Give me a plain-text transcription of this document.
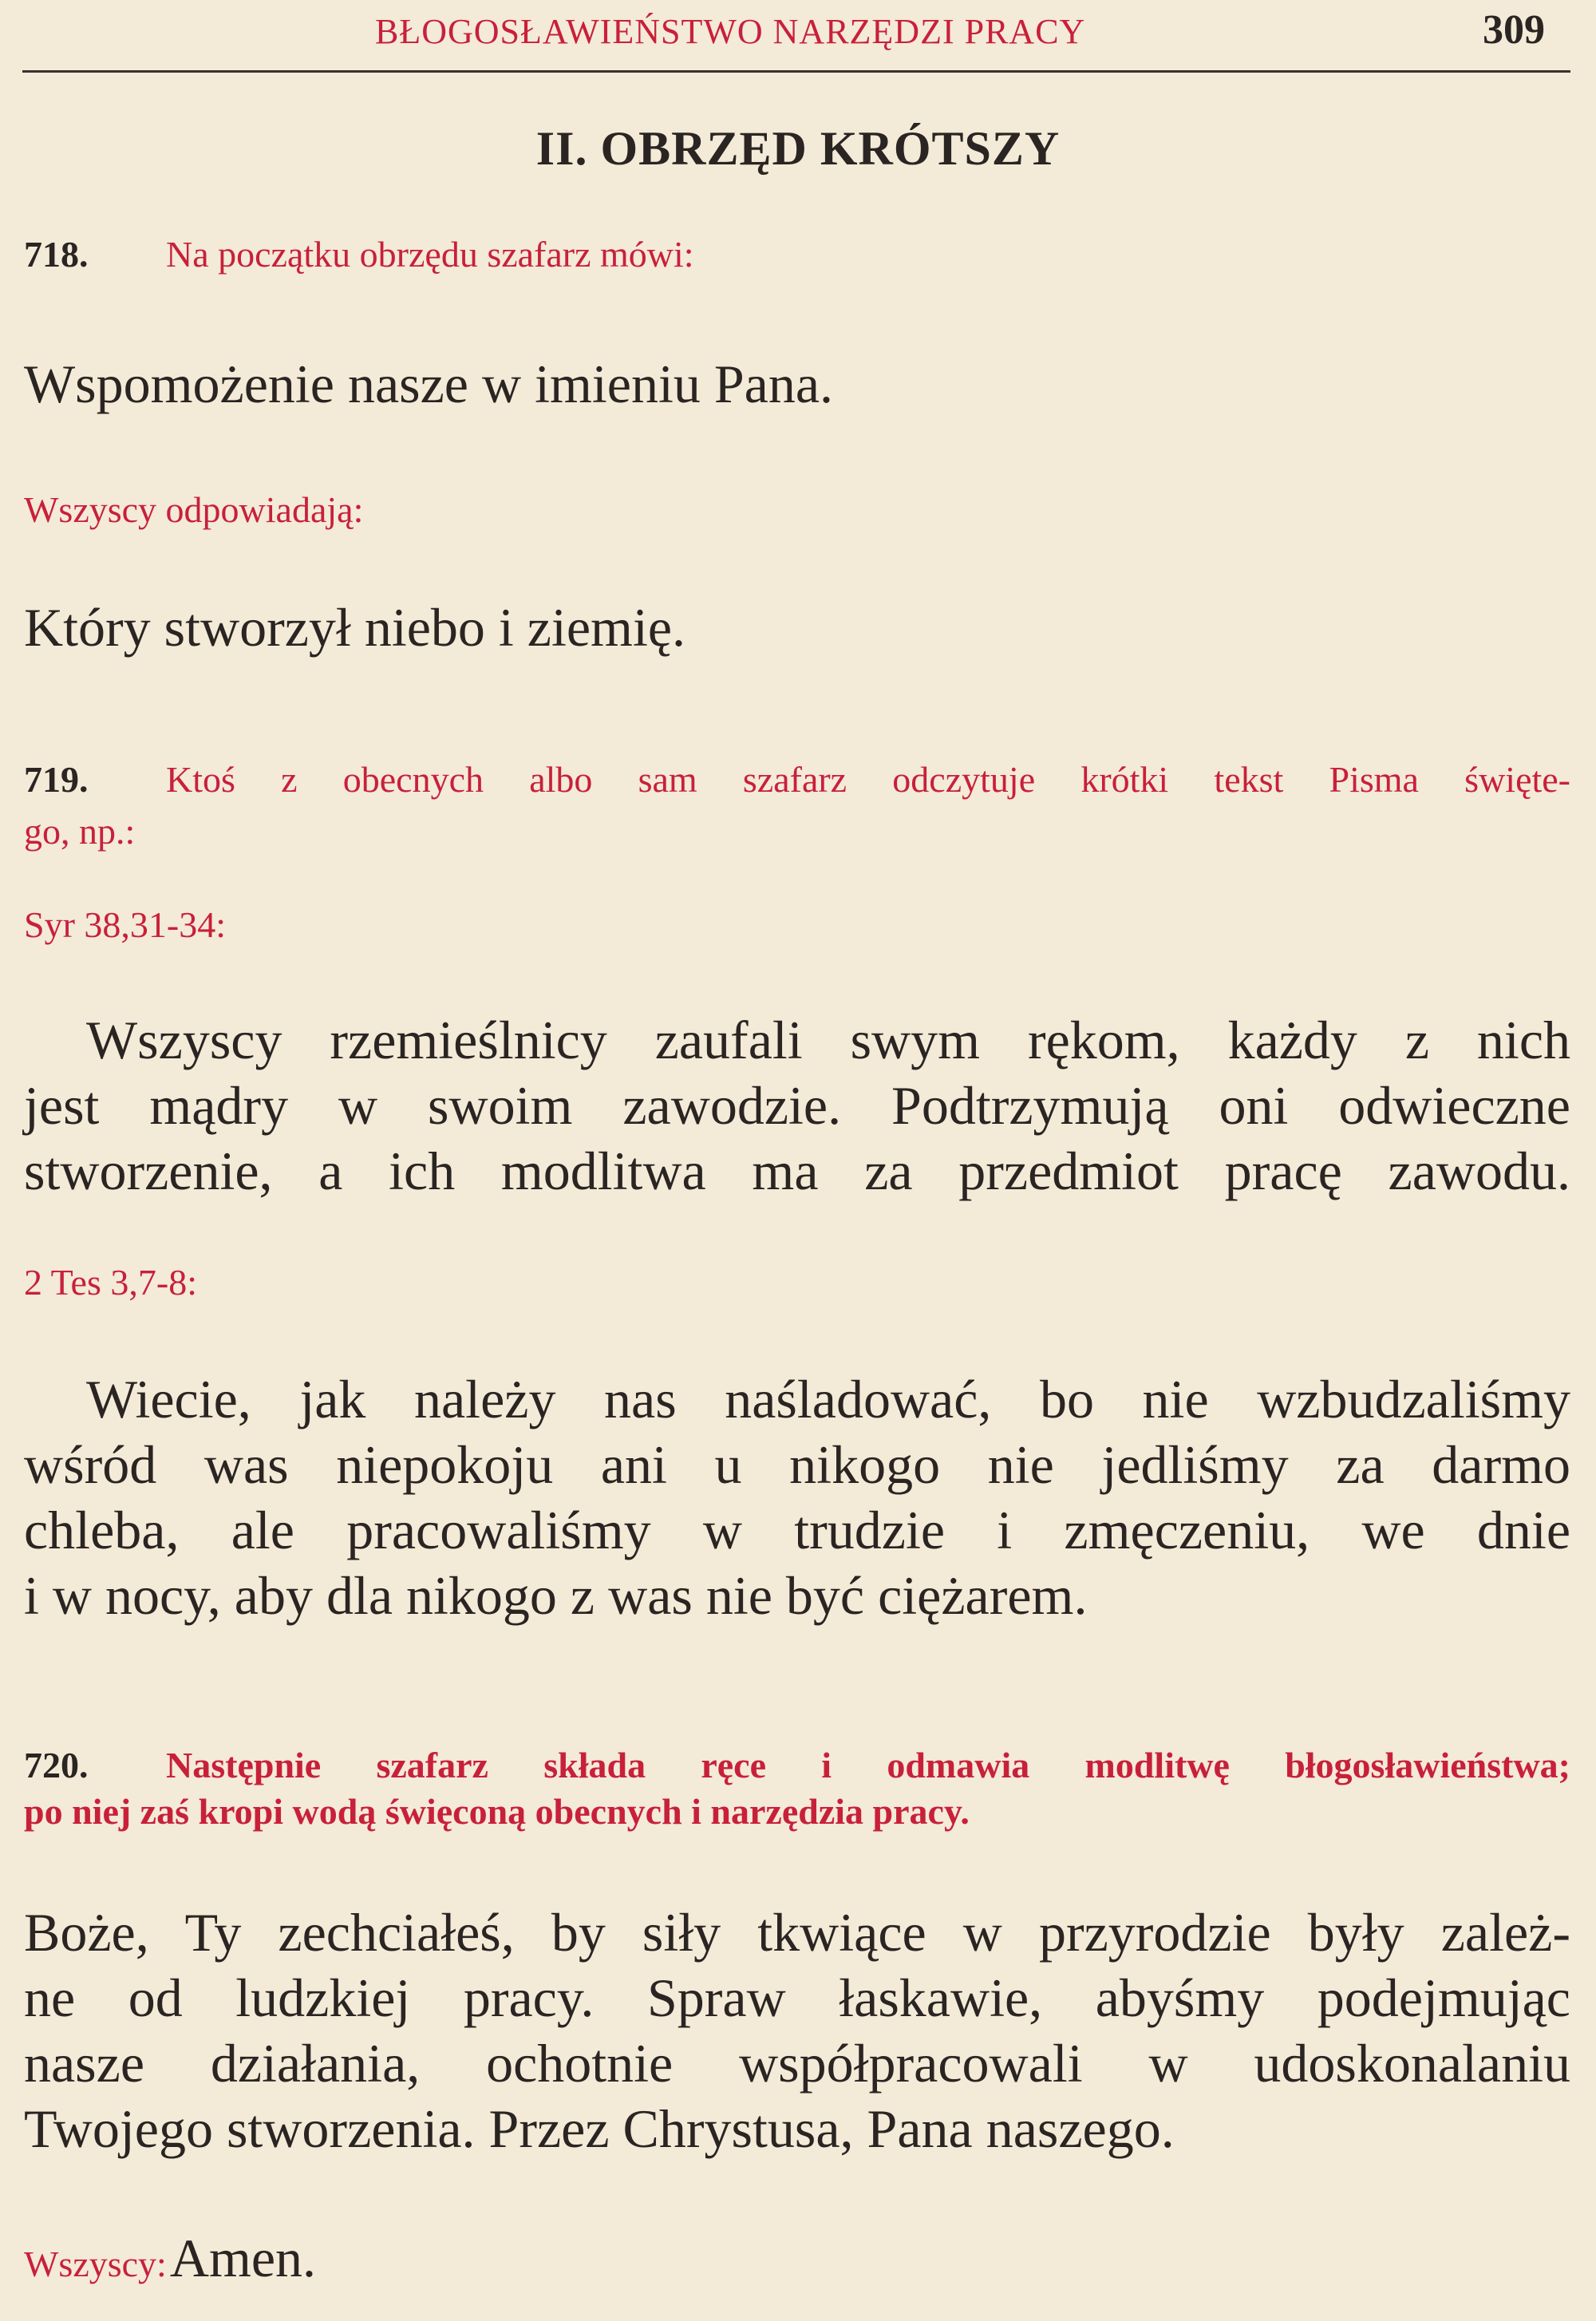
BŁOGOSŁAWIEŃSTWO NARZĘDZI PRACY	309
II. OBRZĘD KRÓTSZY
718. Na początku obrzędu szafarz mówi:
Wspomożenie nasze w imieniu Pana.
Wszyscy odpowiadają:
Który stworzył niebo i ziemię.
719. Ktoś z obecnych albo sam szafarz odczytuje krótki tekst Pisma święte-
go, np.:
Syr 38,31-34:

Wszyscy rzemieślnicy zaufali swym rękom, każdy z nich

jest mądry w swoim zawodzie. Podtrzymują oni odwieczne

stworzenie, a ich modlitwa ma za przedmiot pracę zawodu.

2 Tes 3,7-8:

Wiecie, jak należy nas naśladować, bo nie wzbudzaliśmy

wśród was niepokoju ani u nikogo nie jedliśmy za darmo

chleba, ale pracowaliśmy w trudzie i zmęczeniu, we dnie

i w nocy, aby dla nikogo z was nie być ciężarem.

720. Następnie szafarz składa ręce i odmawia modlitwę błogosławieństwa;
po niej zaś kropi wodą święconą obecnych i narzędzia pracy.

Boże, Ty zechciałeś, by siły tkwiące w przyrodzie były zależ-

ne od ludzkiej pracy. Spraw łaskawie, abyśmy podejmując

nasze działania, ochotnie współpracowali w udoskonalaniu

Twojego stworzenia. Przez Chrystusa, Pana naszego.

Wszyscy: Amen.
